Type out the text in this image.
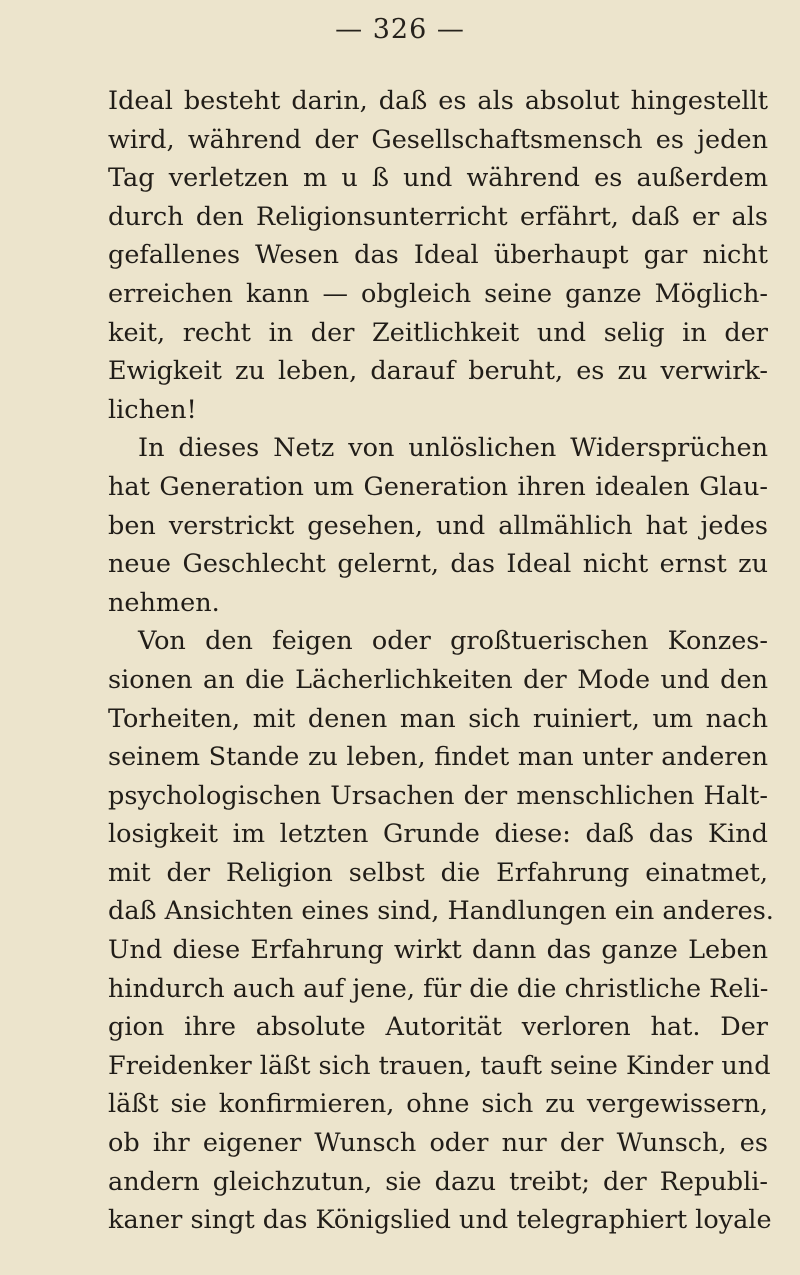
— 326 —
Ideal besteht darin, daß es als absolut hingestellt
wird, während der Gesellschaftsmensch es jeden
Tag verletzen m u ß und während es außerdem
durch den Religionsunterricht erfährt, daß er als
gefallenes Wesen das Ideal überhaupt gar nicht
erreichen kann — obgleich seine ganze Möglich-
keit, recht in der Zeitlichkeit und selig in der
Ewigkeit zu leben, darauf beruht, es zu verwirk-
lichen!
In dieses Netz von unlöslichen Widersprüchen
hat Generation um Generation ihren idealen Glau-
ben verstrickt gesehen, und allmählich hat jedes
neue Geschlecht gelernt, das Ideal nicht ernst zu
nehmen.
Von den feigen oder großtuerischen Konzes-
sionen an die Lächerlichkeiten der Mode und den
Torheiten, mit denen man sich ruiniert, um nach
seinem Stande zu leben, findet man unter anderen
psychologischen Ursachen der menschlichen Halt-
losigkeit im letzten Grunde diese: daß das Kind
mit der Religion selbst die Erfahrung einatmet,
daß Ansichten eines sind, Handlungen ein anderes.
Und diese Erfahrung wirkt dann das ganze Leben
hindurch auch auf jene, für die die christliche Reli-
gion ihre absolute Autorität verloren hat. Der
Freidenker läßt sich trauen, tauft seine Kinder und
läßt sie konfirmieren, ohne sich zu vergewissern,
ob ihr eigener Wunsch oder nur der Wunsch, es
andern gleichzutun, sie dazu treibt; der Republi-
kaner singt das Königslied und telegraphiert loyale
